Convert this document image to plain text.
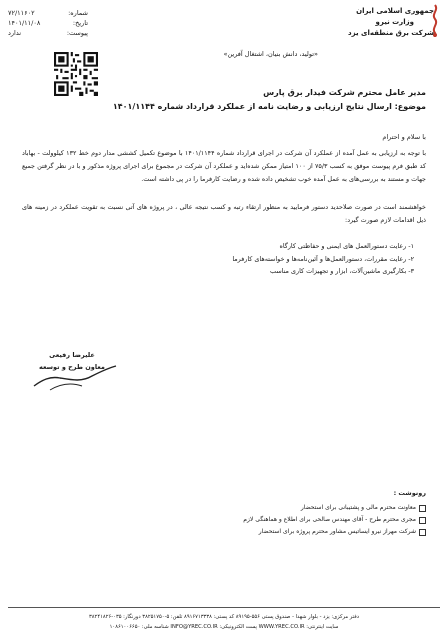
جمهوری اسلامی ایران
وزارت نیرو
شرکت برق منطقه‌ای یزد
شماره:
۷۲/۱۱۶۰۲
تاریخ:
۱۴۰۱/۱۱/۰۸
پیوست:
ندارد
«تولید، دانش بنیان، اشتغال آفرین»
مدیر عامل محترم شرکت فیدار برق پارس
موضوع: ارسال نتایج ارزیابی و رضایت نامه از عملکرد قرارداد شماره ۱۴۰۱/۱۱۴۴
با سلام و احترام
با توجه به ارزیابی به عمل آمده از عملکرد آن شرکت در اجرای قرارداد شماره ۱۴۰۱/۱۱۴۴ با موضوع تکمیل کششی مدار دوم خط ۱۳۲ کیلوولت - بهاباد کد طبق فرم پیوست موفق به کسب ۷۵/۳ از ۱۰۰ امتیاز ممکن شده‌اید و عملکرد آن شرکت در مجموع برای اجرای پروژه مذکور و با در نظر گرفتن جمیع جهات و مستند به بررسی‌های به عمل آمده خوب تشخیص داده شده و رضایت کارفرما را در پی داشته است.
خواهشمند است در صورت صلاحدید دستور فرمایید به منظور ارتقاء رتبه و کسب نتیجه عالی ، در پروژه های آتی نسبت به تقویت عملکرد در زمینه های ذیل اقدامات لازم صورت گیرد:
۱- رعایت دستورالعمل های ایمنی و حفاظتی کارگاه
۲- رعایت مقررات، دستورالعمل‌ها و آئین‌نامه‌ها و خواسته‌های کارفرما
۳- بکارگیری ماشین‌آلات، ابزار و تجهیزات کاری مناسب
علیرضا رفیعی
معاون طرح و توسعه
رونوشت :
معاونت محترم مالی و پشتیبانی برای استحضار
مجری محترم طرح - آقای مهندس صالحی برای اطلاع و هماهنگی لازم
شرکت مهراز نیرو ایساتیس مشاور محترم پروژه برای استحضار
دفتر مرکزی: یزد - بلوار شهدا - صندوق پستی ۵۵۶-۸۹۱۹۵ کد پستی: ۸۹۱۶۷۱۳۳۳۸ تلفن: ۵-۳۸۲۵۱۷۵۰ دورنگار: ۰۳۵-۳۸۲۴۱۸۲۶
سایت اینترنتی: WWW.YREC.CO.IR پست الکترونیکی: INFO@YREC.CO.IR شناسه ملی: ۱۰۸۶۱۰۰۶۶۵۰
